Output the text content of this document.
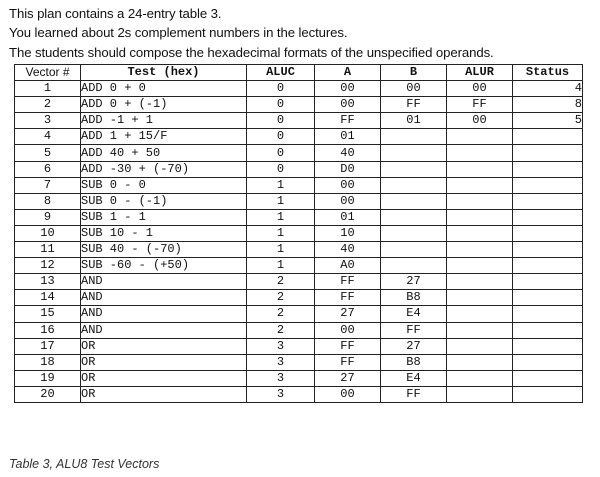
This plan contains a 24-entry table 3.
You learned about 2s complement numbers in the lectures.
The students should compose the hexadecimal formats of the unspecified operands.
Vector #	Test (hex)	ALUC	A	B	ALUR	Status
1	ADD 0 + 0	0	00	00	00	4
2	ADD 0 + (-1)	0	00	FF	FF	8
3	ADD -1 + 1	0	FF	01	00	5
4	ADD 1 + 15/F	0	01			
5	ADD 40 + 50	0	40			
6	ADD -30 + (-70)	0	D0			
7	SUB 0 - 0	1	00			
8	SUB 0 - (-1)	1	00			
9	SUB 1 - 1	1	01			
10	SUB 10 - 1	1	10			
11	SUB 40 - (-70)	1	40			
12	SUB -60 - (+50)	1	A0			
13	AND	2	FF	27		
14	AND	2	FF	B8		
15	AND	2	27	E4		
16	AND	2	00	FF		
17	OR	3	FF	27		
18	OR	3	FF	B8		
19	OR	3	27	E4		
20	OR	3	00	FF		
Table 3, ALU8 Test Vectors
